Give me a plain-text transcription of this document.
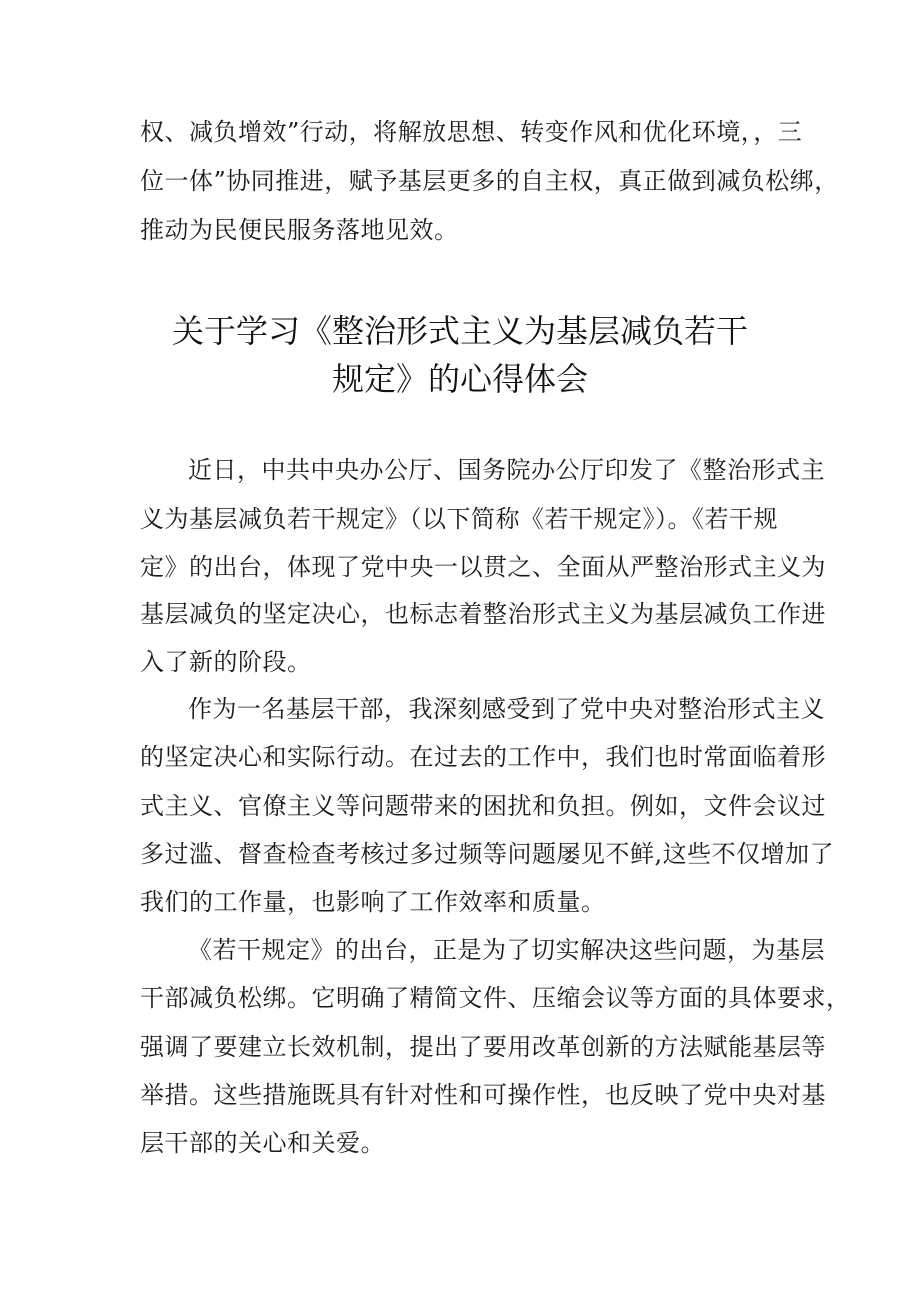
权、减负增效”行动，将解放思想、转变作风和优化环境，，三

位一体”协同推进，赋予基层更多的自主权，真正做到减负松绑，

推动为民便民服务落地见效。

关于学习《整治形式主义为基层减负若干
规定》的心得体会

近日，中共中央办公厅、国务院办公厅印发了《整治形式主

义为基层减负若干规定》（以下简称《若干规定》）。《若干规

定》的出台，体现了党中央一以贯之、全面从严整治形式主义为

基层减负的坚定决心，也标志着整治形式主义为基层减负工作进

入了新的阶段。

作为一名基层干部，我深刻感受到了党中央对整治形式主义

的坚定决心和实际行动。在过去的工作中，我们也时常面临着形

式主义、官僚主义等问题带来的困扰和负担。例如，文件会议过

多过滥、督查检查考核过多过频等问题屡见不鲜,这些不仅增加了

我们的工作量，也影响了工作效率和质量。

《若干规定》的出台，正是为了切实解决这些问题，为基层

干部减负松绑。它明确了精简文件、压缩会议等方面的具体要求，

强调了要建立长效机制，提出了要用改革创新的方法赋能基层等

举措。这些措施既具有针对性和可操作性，也反映了党中央对基

层干部的关心和关爱。
